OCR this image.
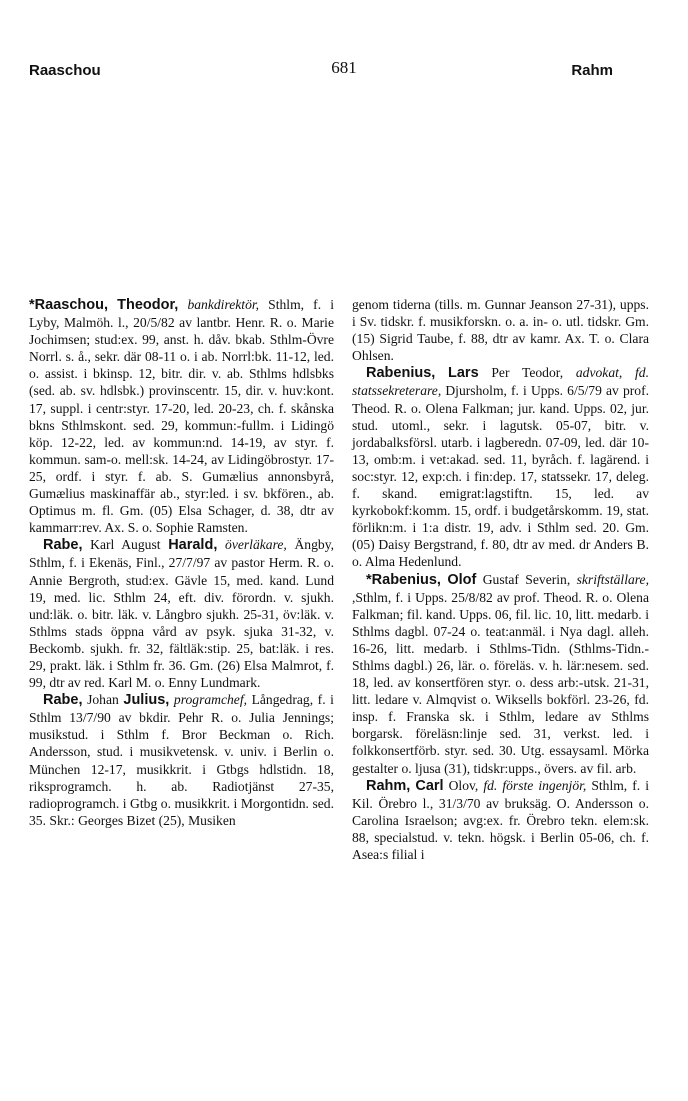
Raaschou	681	Rahm

*Raaschou, Theodor, bankdirektör, Sthlm, f. i Lyby, Malmöh. l., 20/5/82 av lantbr. Henr. R. o. Marie Jochimsen; stud:ex. 99, anst. h. dåv. bkab. Sthlm-Övre Norrl. s. å., sekr. där 08-11 o. i ab. Norrl:bk. 11-12, led. o. assist. i bkinsp. 12, bitr. dir. v. ab. Sthlms hdlsbks (sed. ab. sv. hdlsbk.) provinscentr. 15, dir. v. huv:kont. 17, suppl. i centr:styr. 17-20, led. 20-23, ch. f. skånska bkns Sthlmskont. sed. 29, kommun:-fullm. i Lidingö köp. 12-22, led. av kommun:nd. 14-19, av styr. f. kommun. sam-o. mell:sk. 14-24, av Lidingöbrostyr. 17-25, ordf. i styr. f. ab. S. Gumælius annonsbyrå, Gumælius maskinaffär ab., styr:led. i sv. bkfören., ab. Optimus m. fl. Gm. (05) Elsa Schager, d. 38, dtr av kammarr:rev. Ax. S. o. Sophie Ramsten.

Rabe, Karl August Harald, överläkare, Ängby, Sthlm, f. i Ekenäs, Finl., 27/7/97 av pastor Herm. R. o. Annie Bergroth, stud:ex. Gävle 15, med. kand. Lund 19, med. lic. Sthlm 24, eft. div. förordn. v. sjukh. und:läk. o. bitr. läk. v. Långbro sjukh. 25-31, öv:läk. v. Sthlms stads öppna vård av psyk. sjuka 31-32, v. Beckomb. sjukh. fr. 32, fältläk:stip. 25, bat:läk. i res. 29, prakt. läk. i Sthlm fr. 36. Gm. (26) Elsa Malmrot, f. 99, dtr av red. Karl M. o. Enny Lundmark.

Rabe, Johan Julius, programchef, Långedrag, f. i Sthlm 13/7/90 av bkdir. Pehr R. o. Julia Jennings; musikstud. i Sthlm f. Bror Beckman o. Rich. Andersson, stud. i musikvetensk. v. univ. i Berlin o. München 12-17, musikkrit. i Gtbgs hdlstidn. 18, riksprogramch. h. ab. Radiotjänst 27-35, radioprogramch. i Gtbg o. musikkrit. i Morgontidn. sed. 35. Skr.: Georges Bizet (25), Musiken

genom tiderna (tills. m. Gunnar Jeanson 27-31), upps. i Sv. tidskr. f. musikforskn. o. a. in- o. utl. tidskr. Gm. (15) Sigrid Taube, f. 88, dtr av kamr. Ax. T. o. Clara Ohlsen.

Rabenius, Lars Per Teodor, advokat, fd. statssekreterare, Djursholm, f. i Upps. 6/5/79 av prof. Theod. R. o. Olena Falkman; jur. kand. Upps. 02, jur. stud. utoml., sekr. i lagutsk. 05-07, bitr. v. jordabalksförsl. utarb. i lagberedn. 07-09, led. där 10-13, omb:m. i vet:akad. sed. 11, byråch. f. lagärend. i soc:styr. 12, exp:ch. i fin:dep. 17, statssekr. 17, deleg. f. skand. emigrat:lagstiftn. 15, led. av kyrkobokf:komm. 15, ordf. i budgetårskomm. 19, stat. förlikn:m. i 1:a distr. 19, adv. i Sthlm sed. 20. Gm. (05) Daisy Bergstrand, f. 80, dtr av med. dr Anders B. o. Alma Hedenlund.

*Rabenius, Olof Gustaf Severin, skriftställare, ,Sthlm, f. i Upps. 25/8/82 av prof. Theod. R. o. Olena Falkman; fil. kand. Upps. 06, fil. lic. 10, litt. medarb. i Sthlms dagbl. 07-24 o. teat:anmäl. i Nya dagl. alleh. 16-26, litt. medarb. i Sthlms-Tidn. (Sthlms-Tidn.-Sthlms dagbl.) 26, lär. o. föreläs. v. h. lär:nesem. sed. 18, led. av konsertfören styr. o. dess arb:-utsk. 21-31, litt. ledare v. Almqvist o. Wiksells bokförl. 23-26, fd. insp. f. Franska sk. i Sthlm, ledare av Sthlms borgarsk. föreläsn:linje sed. 31, verkst. led. i folkkonsertförb. styr. sed. 30. Utg. essaysaml. Mörka gestalter o. ljusa (31), tidskr:upps., övers. av fil. arb.

Rahm, Carl Olov, fd. förste ingenjör, Sthlm, f. i Kil. Örebro l., 31/3/70 av bruksäg. O. Andersson o. Carolina Israelson; avg:ex. fr. Örebro tekn. elem:sk. 88, specialstud. v. tekn. högsk. i Berlin 05-06, ch. f. Asea:s filial i
